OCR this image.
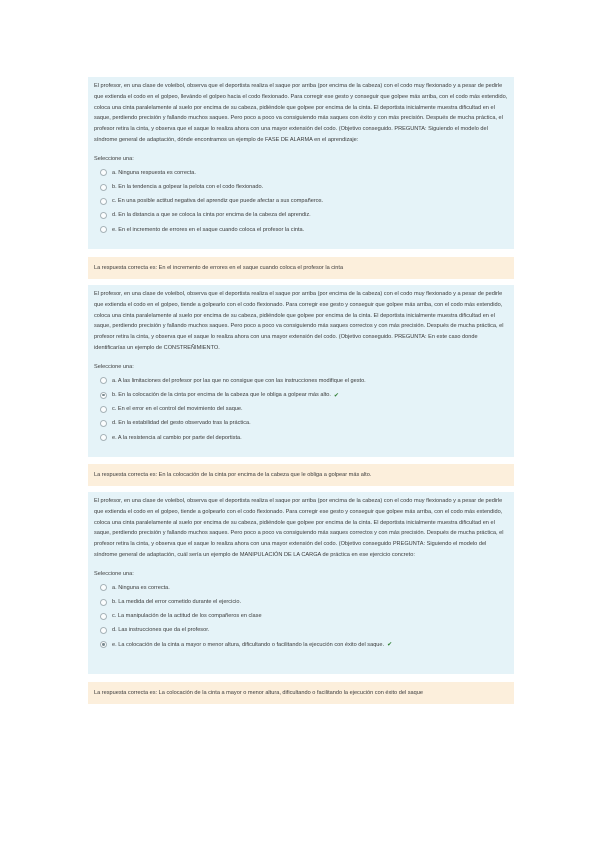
El profesor, en una clase de voleibol, observa que el deportista realiza el saque por arriba (por encima de la cabeza) con el codo muy flexionado y a pesar de pedirle que extienda el codo en el golpeo, llevándo el golpeo hacia el codo flexionado. Para corregir ese gesto y conseguir que golpee más arriba, con el codo más extendido, coloca una cinta paralelamente al suelo por encima de su cabeza, pidiéndole que golpee por encima de la cinta. El deportista inicialmente muestra dificultad en el saque, perdiendo precisión y fallando muchos saques. Pero poco a poco va consiguiendo más saques con éxito y con más precisión. Después de mucha práctica, el profesor retira la cinta, y observa que el saque lo realiza ahora con una mayor extensión del codo. (Objetivo conseguido. PREGUNTA: Siguiendo el modelo del síndrome general de adaptación, dónde encontramos un ejemplo de FASE DE ALARMA en el aprendizaje:

Seleccione una:
a. Ninguna respuesta es correcta.
b. En la tendencia a golpear la pelota con el codo flexionado.
c. En una posible actitud negativa del aprendiz que puede afectar a sus compañeros.
d. En la distancia a que se coloca la cinta por encima de la cabeza del aprendiz.
e. En el incremento de errores en el saque cuando coloca el profesor la cinta.
La respuesta correcta es: En el incremento de errores en el saque cuando coloca el profesor la cinta

El profesor, en una clase de voleibol, observa que el deportista realiza el saque por arriba (por encima de la cabeza) con el codo muy flexionado y a pesar de pedirle que extienda el codo en el golpeo, tiende a golpearlo con el codo flexionado. Para corregir ese gesto y conseguir que golpee más arriba, con el codo más extendido, coloca una cinta paralelamente al suelo por encima de su cabeza, pidiéndole que golpee por encima de la cinta. El deportista inicialmente muestra dificultad en el saque, perdiendo precisión y fallando muchos saques. Pero poco a poco va consiguiendo más saques correctos y con más precisión. Después de mucha práctica, el profesor retira la cinta, y observa que el saque lo realiza ahora con una mayor extensión del codo. (Objetivo conseguido. PREGUNTA: En este caso donde identificarías un ejemplo de CONSTREÑIMIENTO.

Seleccione una:
a. A las limitaciones del profesor por las que no consigue que con las instrucciones modifique el gesto.
b. En la colocación de la cinta por encima de la cabeza que le obliga a golpear más alto. ✔
c. En el error en el control del movimiento del saque.
d. En la estabilidad del gesto observado tras la práctica.
e. A la resistencia al cambio por parte del deportista.
La respuesta correcta es: En la colocación de la cinta por encima de la cabeza que le obliga a golpear más alto.

El profesor, en una clase de voleibol, observa que el deportista realiza el saque por arriba (por encima de la cabeza) con el codo muy flexionado y a pesar de pedirle que extienda el codo en el golpeo, tiende a golpearlo con el codo flexionado. Para corregir ese gesto y conseguir que golpee más arriba, con el codo más extendido, coloca una cinta paralelamente al suelo por encima de su cabeza, pidiéndole que golpee por encima de la cinta. El deportista inicialmente muestra dificultad en el saque, perdiendo precisión y fallando muchos saques. Pero poco a poco va consiguiendo más saques correctos y con más precisión. Después de mucha práctica, el profesor retira la cinta, y observa que el saque lo realiza ahora con una mayor extensión del codo. (Objetivo conseguido PREGUNTA: Siguiendo el modelo del síndrome general de adaptación, cuál sería un ejemplo de MANIPULACIÓN DE LA CARGA de práctica en ese ejercicio concreto:

Seleccione una:
a. Ninguna es correcta.
b. La medida del error cometido durante el ejercicio.
c. La manipulación de la actitud de los compañeros en clase
d. Las instrucciones que da el profesor.
e. La colocación de la cinta a mayor o menor altura, dificultando o facilitando la ejecución con éxito del saque. ✔
La respuesta correcta es: La colocación de la cinta a mayor o menor altura, dificultando o facilitando la ejecución con éxito del saque
